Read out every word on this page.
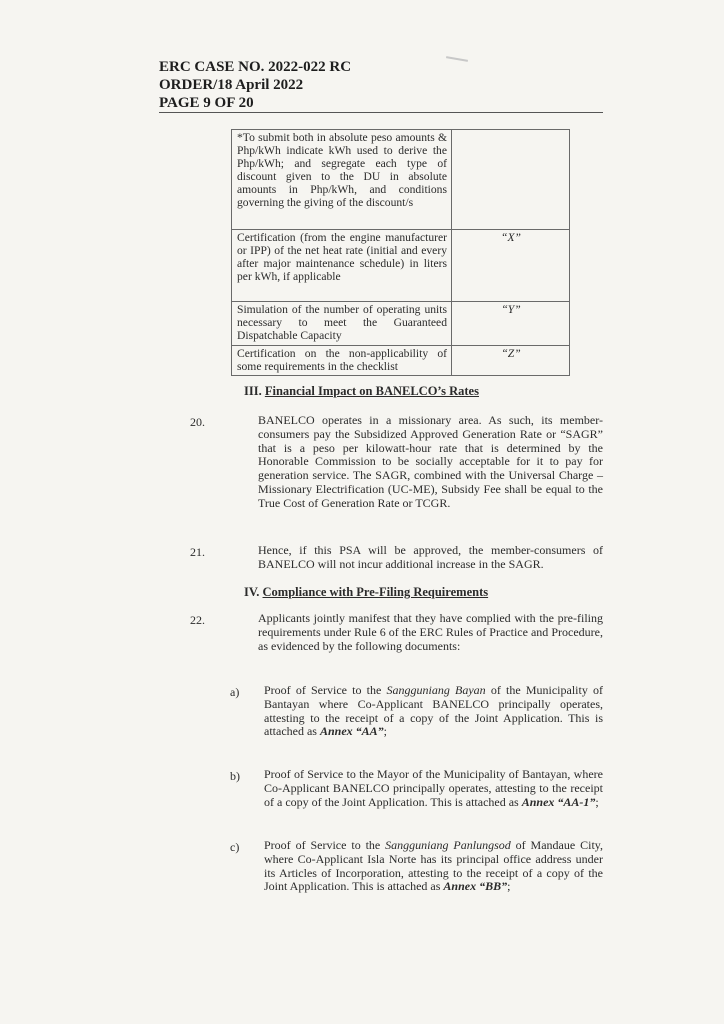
ERC CASE NO. 2022-022 RC
ORDER/18 April 2022
PAGE 9 OF 20
*To submit both in absolute peso amounts & Php/kWh indicate kWh used to derive the Php/kWh; and segregate each type of discount given to the DU in absolute amounts in Php/kWh, and conditions governing the giving of the discount/s	
Certification (from the engine manufacturer or IPP) of the net heat rate (initial and every after major maintenance schedule) in liters per kWh, if applicable	“X”
Simulation of the number of operating units necessary to meet the Guaranteed Dispatchable Capacity	“Y”
Certification on the non-applicability of some requirements in the checklist	“Z”
III. Financial Impact on BANELCO’s Rates
20.	BANELCO operates in a missionary area. As such, its member-consumers pay the Subsidized Approved Generation Rate or “SAGR” that is a peso per kilowatt-hour rate that is determined by the Honorable Commission to be socially acceptable for it to pay for generation service. The SAGR, combined with the Universal Charge – Missionary Electrification (UC-ME), Subsidy Fee shall be equal to the True Cost of Generation Rate or TCGR.
21.	Hence, if this PSA will be approved, the member-consumers of BANELCO will not incur additional increase in the SAGR.
IV. Compliance with Pre-Filing Requirements
22.	Applicants jointly manifest that they have complied with the pre-filing requirements under Rule 6 of the ERC Rules of Practice and Procedure, as evidenced by the following documents:
a) Proof of Service to the Sangguniang Bayan of the Municipality of Bantayan where Co-Applicant BANELCO principally operates, attesting to the receipt of a copy of the Joint Application. This is attached as Annex “AA”;
b) Proof of Service to the Mayor of the Municipality of Bantayan, where Co-Applicant BANELCO principally operates, attesting to the receipt of a copy of the Joint Application. This is attached as Annex “AA-1”;
c) Proof of Service to the Sangguniang Panlungsod of Mandaue City, where Co-Applicant Isla Norte has its principal office address under its Articles of Incorporation, attesting to the receipt of a copy of the Joint Application. This is attached as Annex “BB”;
